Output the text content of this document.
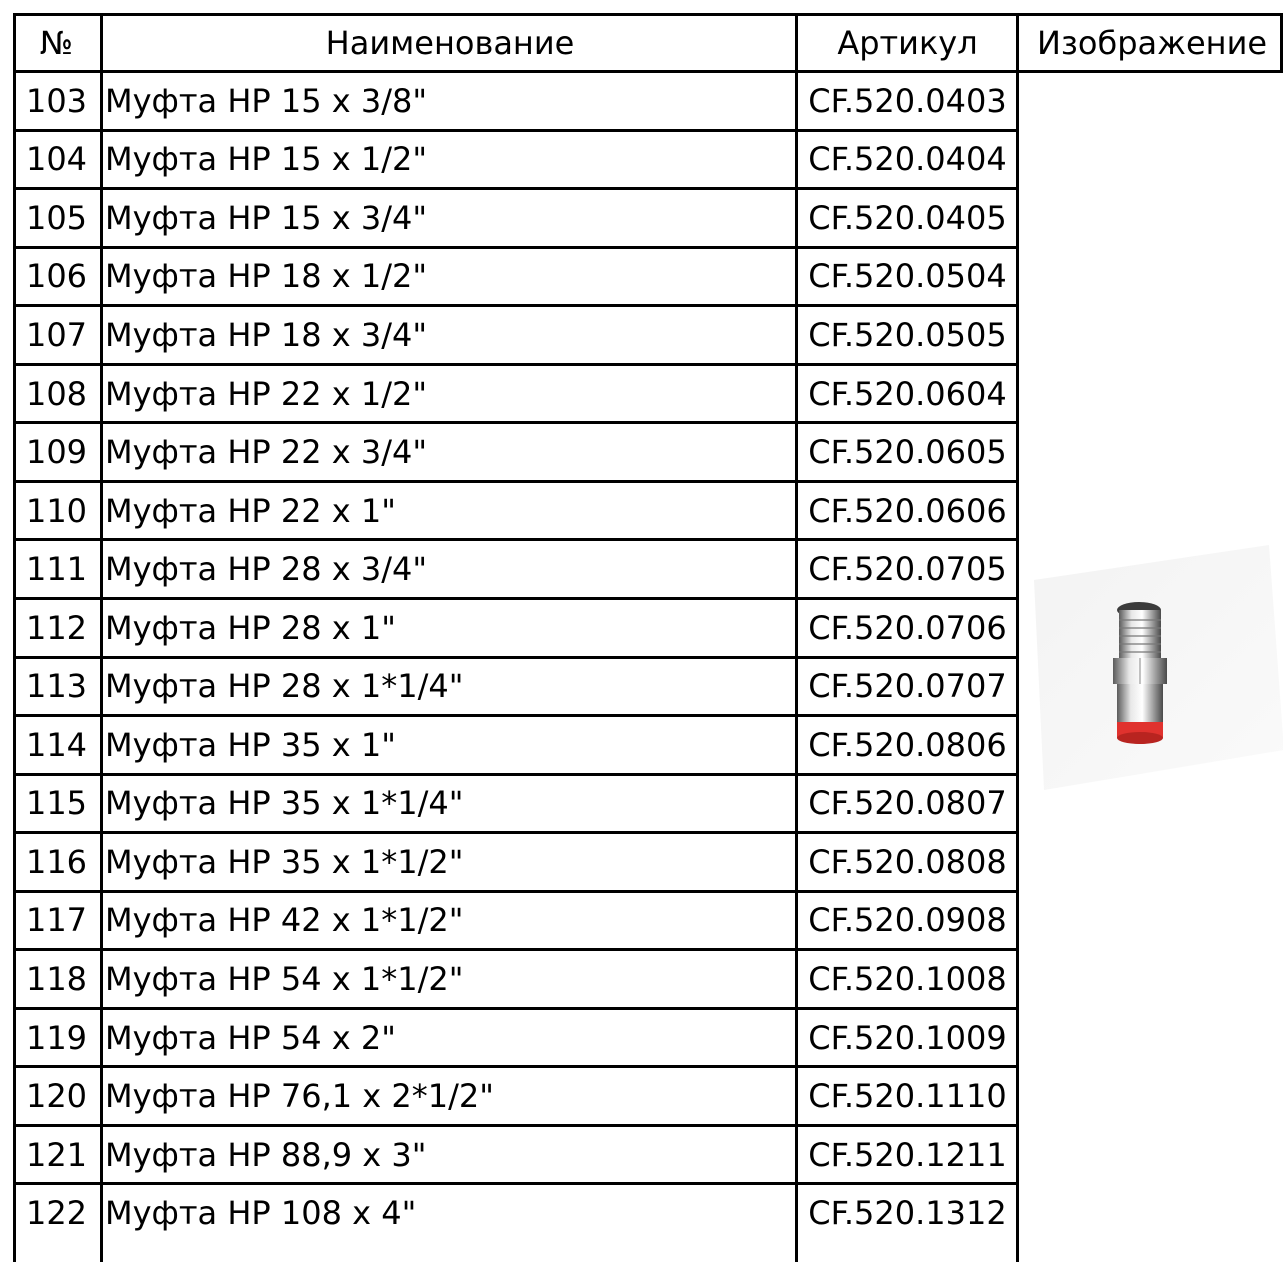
№	Наименование	Артикул	Изображение
103 Муфта НР 15 х 3/8"	CF.520.0403
104 Муфта НР 15 х 1/2"	CF.520.0404
105 Муфта НР 15 х 3/4"	CF.520.0405
106 Муфта НР 18 х 1/2"	CF.520.0504
107 Муфта НР 18 х 3/4"	CF.520.0505
108 Муфта НР 22 х 1/2"	CF.520.0604
109 Муфта НР 22 х 3/4"	CF.520.0605
110 Муфта НР 22 х 1"	CF.520.0606
111 Муфта НР 28 х 3/4"	CF.520.0705
112 Муфта НР 28 х 1"	CF.520.0706
113 Муфта НР 28 х 1*1/4"	CF.520.0707
114 Муфта НР 35 х 1"	CF.520.0806
115 Муфта НР 35 х 1*1/4"	CF.520.0807
116 Муфта НР 35 х 1*1/2"	CF.520.0808
117 Муфта НР 42 х 1*1/2"	CF.520.0908
118 Муфта НР 54 х 1*1/2"	CF.520.1008
119 Муфта НР 54 х 2"	CF.520.1009
120 Муфта НР 76,1 х 2*1/2"	CF.520.1110
121 Муфта НР 88,9 х 3"	CF.520.1211
122 Муфта НР 108 х 4"	CF.520.1312
